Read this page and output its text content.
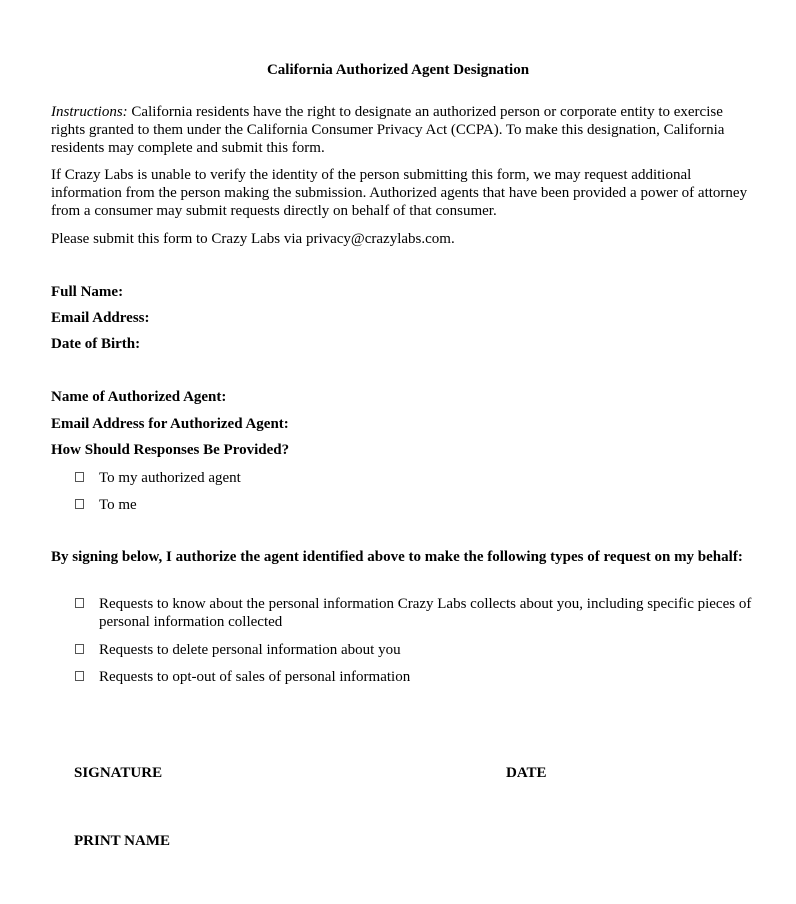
California Authorized Agent Designation
Instructions: California residents have the right to designate an authorized person or corporate entity to exercise rights granted to them under the California Consumer Privacy Act (CCPA). To make this designation, California residents may complete and submit this form.
If Crazy Labs is unable to verify the identity of the person submitting this form, we may request additional information from the person making the submission. Authorized agents that have been provided a power of attorney from a consumer may submit requests directly on behalf of that consumer.
Please submit this form to Crazy Labs via privacy@crazylabs.com.
Full Name:
Email Address:
Date of Birth:
Name of Authorized Agent:
Email Address for Authorized Agent:
How Should Responses Be Provided?
To my authorized agent
To me
By signing below, I authorize the agent identified above to make the following types of request on my behalf:
Requests to know about the personal information Crazy Labs collects about you, including specific pieces of personal information collected
Requests to delete personal information about you
Requests to opt-out of sales of personal information
SIGNATURE	DATE
PRINT NAME
